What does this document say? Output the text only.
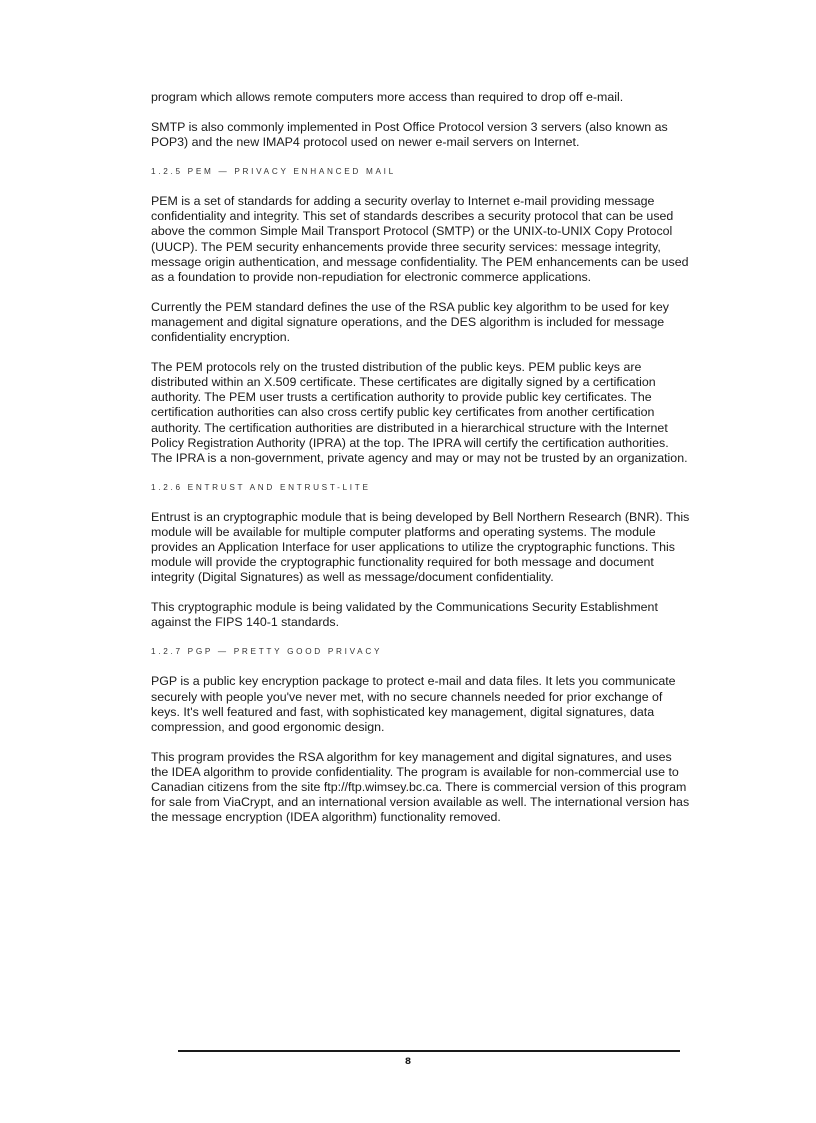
program which allows remote computers more access than required to drop off e-mail.

SMTP is also commonly implemented in Post Office Protocol version 3 servers (also known as POP3) and the new IMAP4 protocol used on newer e-mail servers on Internet.

1.2.5 PEM — PRIVACY ENHANCED MAIL

PEM is a set of standards for adding a security overlay to Internet e-mail providing message confidentiality and integrity. This set of standards describes a security protocol that can be used above the common Simple Mail Transport Protocol (SMTP) or the UNIX-to-UNIX Copy Protocol (UUCP). The PEM security enhancements provide three security services: message integrity, message origin authentication, and message confidentiality. The PEM enhancements can be used as a foundation to provide non-repudiation for electronic commerce applications.

Currently the PEM standard defines the use of the RSA public key algorithm to be used for key management and digital signature operations, and the DES algorithm is included for message confidentiality encryption.

The PEM protocols rely on the trusted distribution of the public keys. PEM public keys are distributed within an X.509 certificate. These certificates are digitally signed by a certification authority. The PEM user trusts a certification authority to provide public key certificates. The certification authorities can also cross certify public key certificates from another certification authority. The certification authorities are distributed in a hierarchical structure with the Internet Policy Registration Authority (IPRA) at the top. The IPRA will certify the certification authorities. The IPRA is a non-government, private agency and may or may not be trusted by an organization.

1.2.6 ENTRUST AND ENTRUST-LITE

Entrust is an cryptographic module that is being developed by Bell Northern Research (BNR). This module will be available for multiple computer platforms and operating systems. The module provides an Application Interface for user applications to utilize the cryptographic functions. This module will provide the cryptographic functionality required for both message and document integrity (Digital Signatures) as well as message/document confidentiality.

This cryptographic module is being validated by the Communications Security Establishment against the FIPS 140-1 standards.

1.2.7 PGP — PRETTY GOOD PRIVACY

PGP is a public key encryption package to protect e-mail and data files. It lets you communicate securely with people you've never met, with no secure channels needed for prior exchange of keys. It's well featured and fast, with sophisticated key management, digital signatures, data compression, and good ergonomic design.

This program provides the RSA algorithm for key management and digital signatures, and uses the IDEA algorithm to provide confidentiality. The program is available for non-commercial use to Canadian citizens from the site ftp://ftp.wimsey.bc.ca. There is commercial version of this program for sale from ViaCrypt, and an international version available as well. The international version has the message encryption (IDEA algorithm) functionality removed.

8
